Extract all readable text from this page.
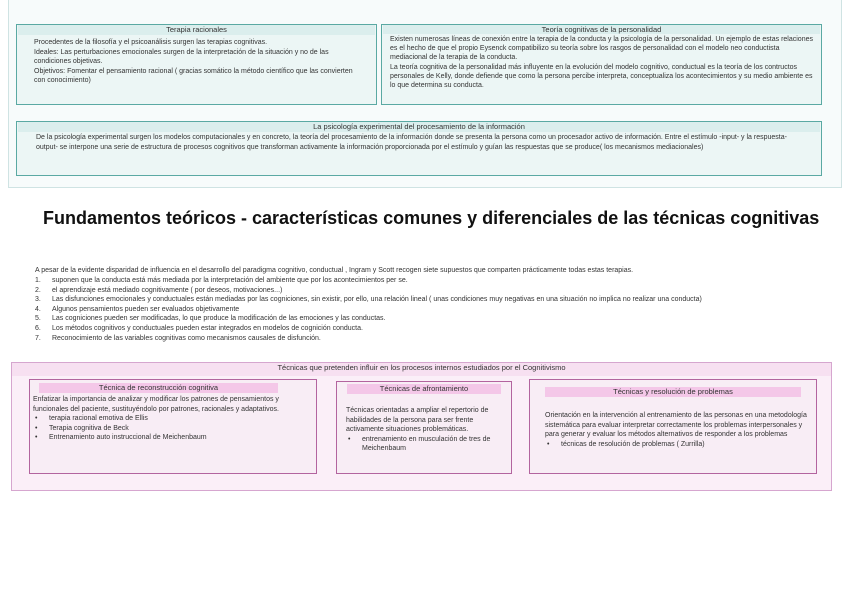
Terapia racionales
Procedentes de la filosofía y el psicoanálisis surgen las terapias cognitivas.
Ideales: Las perturbaciones emocionales surgen de la interpretación de la situación y no de las condiciones objetivas.
Objetivos: Fomentar el pensamiento racional ( gracias somático la método científico que las convierten con conocimiento)
Teoría cognitivas de la personalidad
Existen numerosas líneas de conexión entre la terapia de la conducta y la psicología de la personalidad. Un ejemplo de estas relaciones es el hecho de que el propio Eysenck compatibilizo su teoría sobre los rasgos de personalidad con el modelo neo conductista mediacional de la terapia de la conducta.
La teoría cognitiva de la personalidad más influyente en la evolución del modelo cognitivo, conductual es la teoría de los contructos personales de Kelly, donde defiende que como la persona percibe interpreta, conceptualiza los acontecimientos y su medio ambiente es lo que determina su conducta.
La psicología experimental del procesamiento de la información
De la psicología experimental surgen los modelos computacionales y en concreto, la teoría del procesamiento de la información donde se presenta la persona como un procesador activo de información. Entre el estímulo -input- y la respuesta- output- se interpone una serie de estructura de procesos cognitivos que transforman activamente la información proporcionada por el estímulo y guían las respuestas que se produce( los mecanismos mediacionales)
Fundamentos teóricos - características comunes y diferenciales de las técnicas cognitivas
A pesar de la evidente disparidad de influencia en el desarrollo del paradigma cognitivo, conductual , Ingram y Scott recogen siete supuestos que comparten prácticamente todas estas terapias.
1.	suponen que la conducta está más mediada por la interpretación del ambiente que por los acontecimientos per se.
2.	el aprendizaje está mediado cognitivamente ( por deseos, motivaciones...)
3.	Las disfunciones emocionales y conductuales están mediadas por las cogniciones, sin existir, por ello, una relación lineal ( unas condiciones muy negativas en una situación no implica no realizar una conducta)
4.	Algunos pensamientos pueden ser evaluados objetivamente
5.	Las cogniciones pueden ser modificadas, lo que produce la modificación de las emociones y las conductas.
6.	Los métodos cognitivos y conductuales pueden estar integrados en modelos de cognición conducta.
7.	Reconocimiento de las variables cognitivas como mecanismos causales de disfunción.
Técnicas que pretenden influir en los procesos internos estudiados por el Cognitivismo
Técnica de reconstrucción cognitiva
Enfatizar la importancia de analizar y modificar los patrones de pensamientos y funcionales del paciente, sustituyéndolo por patrones, racionales y adaptativos.
•	terapia racional emotiva de Ellis
•	Terapia cognitiva de Beck
•	Entrenamiento auto instruccional de Meichenbaum
Técnicas de afrontamiento
Técnicas orientadas a ampliar el repertorio de habilidades de la persona para ser frente activamente situaciones problemáticas.
•	entrenamiento en musculación de tres de Meichenbaum
Técnicas y resolución de problemas
Orientación en la intervención al entrenamiento de las personas en una metodología sistemática para evaluar interpretar correctamente los problemas interpersonales y para generar y evaluar los métodos alternativos de responder a los problemas
•	técnicas de resolución de problemas ( Zurrilla)
